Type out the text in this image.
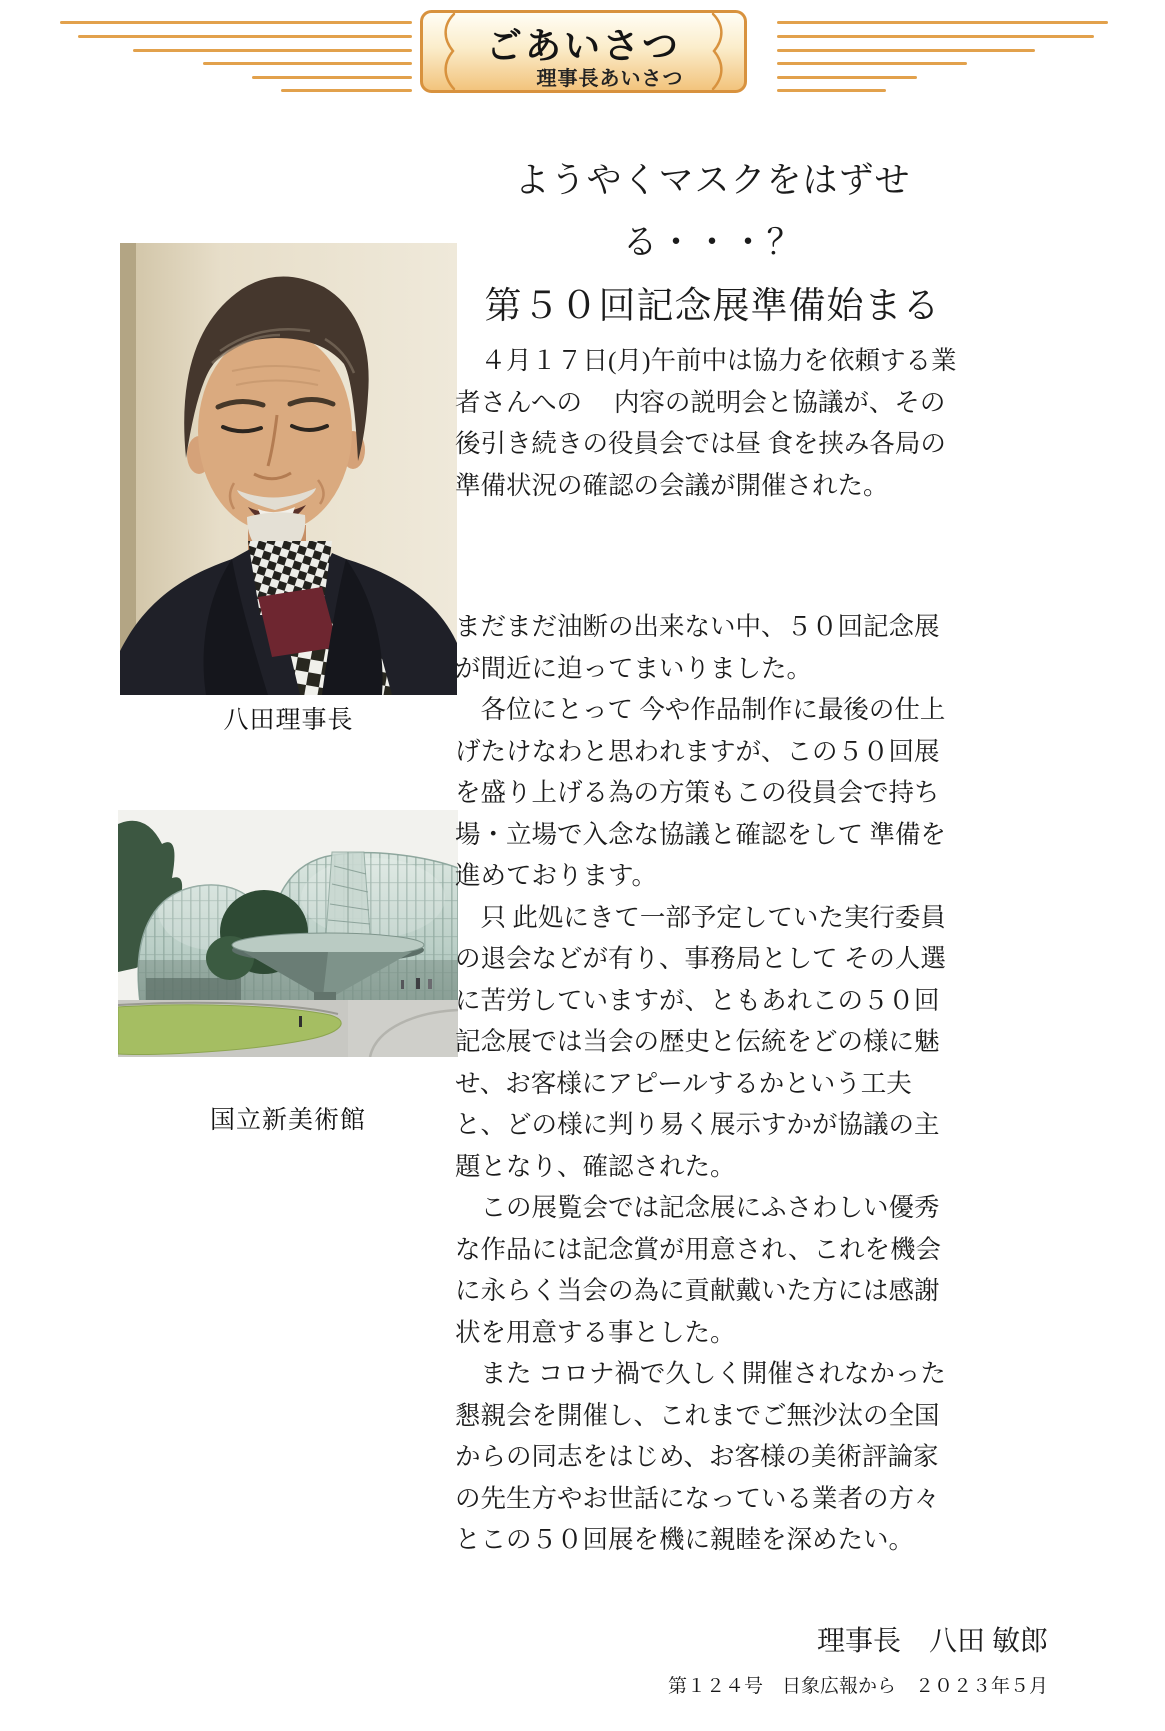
ごあいさつ
理事長あいさつ
八田理事長
国立新美術館
ようやくマスクをはずせ
る・・・？
第５０回記念展準備始まる
　４月１７日(月)午前中は協力を依頼する業
者さんへの　 内容の説明会と協議が、その
後引き続きの役員会では昼 食を挟み各局の
準備状況の確認の会議が開催された。
まだまだ油断の出来ない中、５０回記念展
が間近に迫ってまいりました。
　各位にとって 今や作品制作に最後の仕上
げたけなわと思われますが、この５０回展
を盛り上げる為の方策もこの役員会で持ち
場・立場で入念な協議と確認をして 準備を
進めております。
　只 此処にきて一部予定していた実行委員
の退会などが有り、事務局として その人選
に苦労していますが、ともあれこの５０回
記念展では当会の歴史と伝統をどの様に魅
せ、お客様にアピールするかという工夫
と、どの様に判り易く展示すかが協議の主
題となり、確認された。
　この展覧会では記念展にふさわしい優秀
な作品には記念賞が用意され、これを機会
に永らく当会の為に貢献戴いた方には感謝
状を用意する事とした。
　また コロナ禍で久しく開催されなかった
懇親会を開催し、これまでご無沙汰の全国
からの同志をはじめ、お客様の美術評論家
の先生方やお世話になっている業者の方々
とこの５０回展を機に親睦を深めたい。
理事長　八田 敏郎
第１２４号　日象広報から　２０２３年５月
